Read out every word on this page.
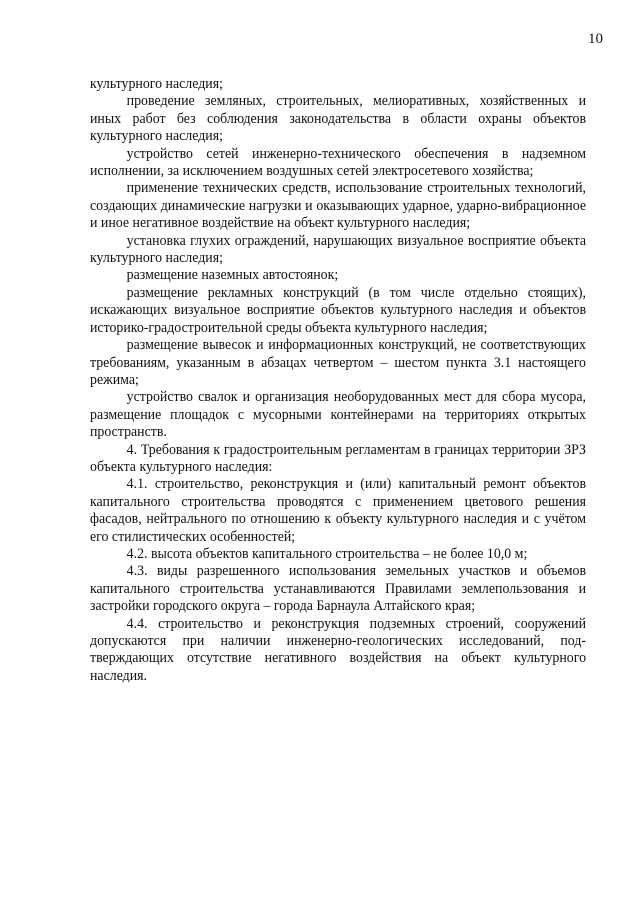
10

культурного наследия;

проведение земляных, строительных, мелиоративных, хозяйственных и иных работ без соблюдения законодательства в области охраны объектов культурного наследия;

устройство сетей инженерно-технического обеспечения в надземном исполнении, за исключением воздушных сетей электросетевого хозяйства;

применение технических средств, использование строительных технологий, создающих динамические нагрузки и оказывающих ударное, ударно-вибрационное и иное негативное воздействие на объект культурного наследия;

установка глухих ограждений, нарушающих визуальное восприятие объекта культурного наследия;

размещение наземных автостоянок;

размещение рекламных конструкций (в том числе отдельно стоящих), искажающих визуальное восприятие объектов культурного наследия и объектов историко-градостроительной среды объекта культурного наследия;

размещение вывесок и информационных конструкций, не соответствующих требованиям, указанным в абзацах четвертом – шестом пункта 3.1 настоящего режима;

устройство свалок и организация необорудованных мест для сбора мусора, размещение площадок с мусорными контейнерами на территориях открытых пространств.

4. Требования к градостроительным регламентам в границах территории ЗРЗ объекта культурного наследия:

4.1. строительство, реконструкция и (или) капитальный ремонт объектов капитального строительства проводятся с применением цветового решения фасадов, нейтрального по отношению к объекту культурного наследия и с учётом его стилистических особенностей;

4.2. высота объектов капитального строительства – не более 10,0 м;

4.3. виды разрешенного использования земельных участков и объемов капитального строительства устанавливаются Правилами землепользования и застройки городского округа – города Барнаула Алтайского края;

4.4. строительство и реконструкция подземных строений, сооружений допускаются при наличии инженерно-геологических исследований, подтверждающих отсутствие негативного воздействия на объект культурного наследия.
